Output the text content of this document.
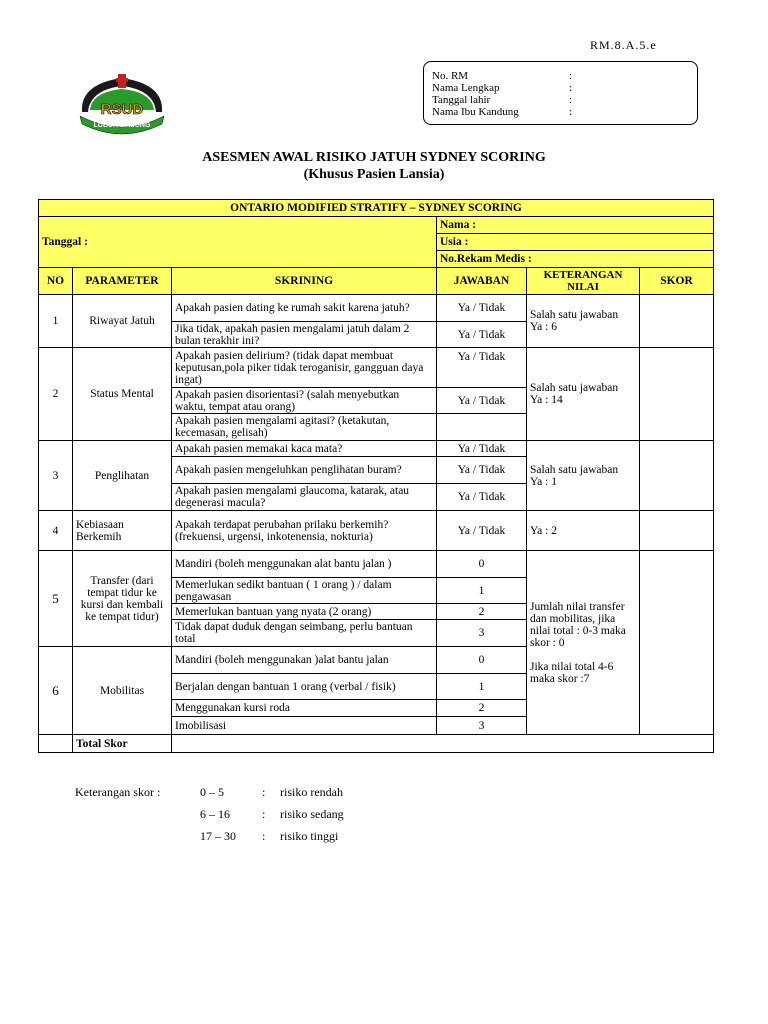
RM.8.A.5.e
RSUD
LUBUK BASUNG
No. RM	:
Nama Lengkap	:
Tanggal lahir	:
Nama Ibu Kandung	:
ASESMEN AWAL RISIKO JATUH SYDNEY SCORING
(Khusus Pasien Lansia)
ONTARIO MODIFIED STRATIFY – SYDNEY SCORING					
Tanggal :			Nama :		
			Usia :		
			No.Rekam Medis :		
NO	PARAMETER	SKRINING	JAWABAN	KETERANGAN NILAI	SKOR
1	Riwayat Jatuh	Apakah pasien dating ke rumah sakit karena jatuh?	Ya / Tidak	Salah satu jawaban
Ya : 6	
		Jika tidak, apakah pasien mengalami jatuh dalam 2 bulan terakhir ini?	Ya / Tidak		
2	Status Mental	Apakah pasien delirium? (tidak dapat membuat keputusan,pola piker tidak teroganisir, gangguan daya ingat)	Ya / Tidak	Salah satu jawaban
Ya : 14	
		Apakah pasien disorientasi? (salah menyebutkan waktu, tempat atau orang)	Ya / Tidak		
		Apakah pasien mengalami agitasi? (ketakutan, kecemasan, gelisah)			
3	Penglihatan	Apakah pasien memakai kaca mata?	Ya / Tidak	Salah satu jawaban
Ya : 1	
		Apakah pasien mengeluhkan penglihatan buram?	Ya / Tidak		
		Apakah pasien mengalami glaucoma, katarak, atau degenerasi macula?	Ya / Tidak		
4	Kebiasaan Berkemih	Apakah terdapat perubahan prilaku berkemih? (frekuensi, urgensi, inkotenensia, nokturia)	Ya / Tidak	Ya : 2	
5	Transfer (dari tempat tidur ke kursi dan kembali ke tempat tidur)	Mandiri (boleh menggunakan alat bantu jalan )	0	Jumlah nilai transfer dan mobilitas, jika nilai total : 0-3 maka skor : 0

Jika nilai total 4-6 maka skor :7	
		Memerlukan sedikt bantuan ( 1 orang ) / dalam pengawasan	1		
		Memerlukan bantuan yang nyata (2 orang)	2		
		Tidak dapat duduk dengan seimbang, perlu bantuan total	3		
6	Mobilitas	Mandiri (boleh menggunakan )alat bantu jalan	0		
		Berjalan dengan bantuan 1 orang (verbal / fisik)	1		
		Menggunakan kursi roda	2		
		Imobilisasi	3		
	Total Skor				
Keterangan skor :	0 – 5	:	risiko rendah
6 – 16	:	risiko sedang
17 – 30	:	risiko tinggi
